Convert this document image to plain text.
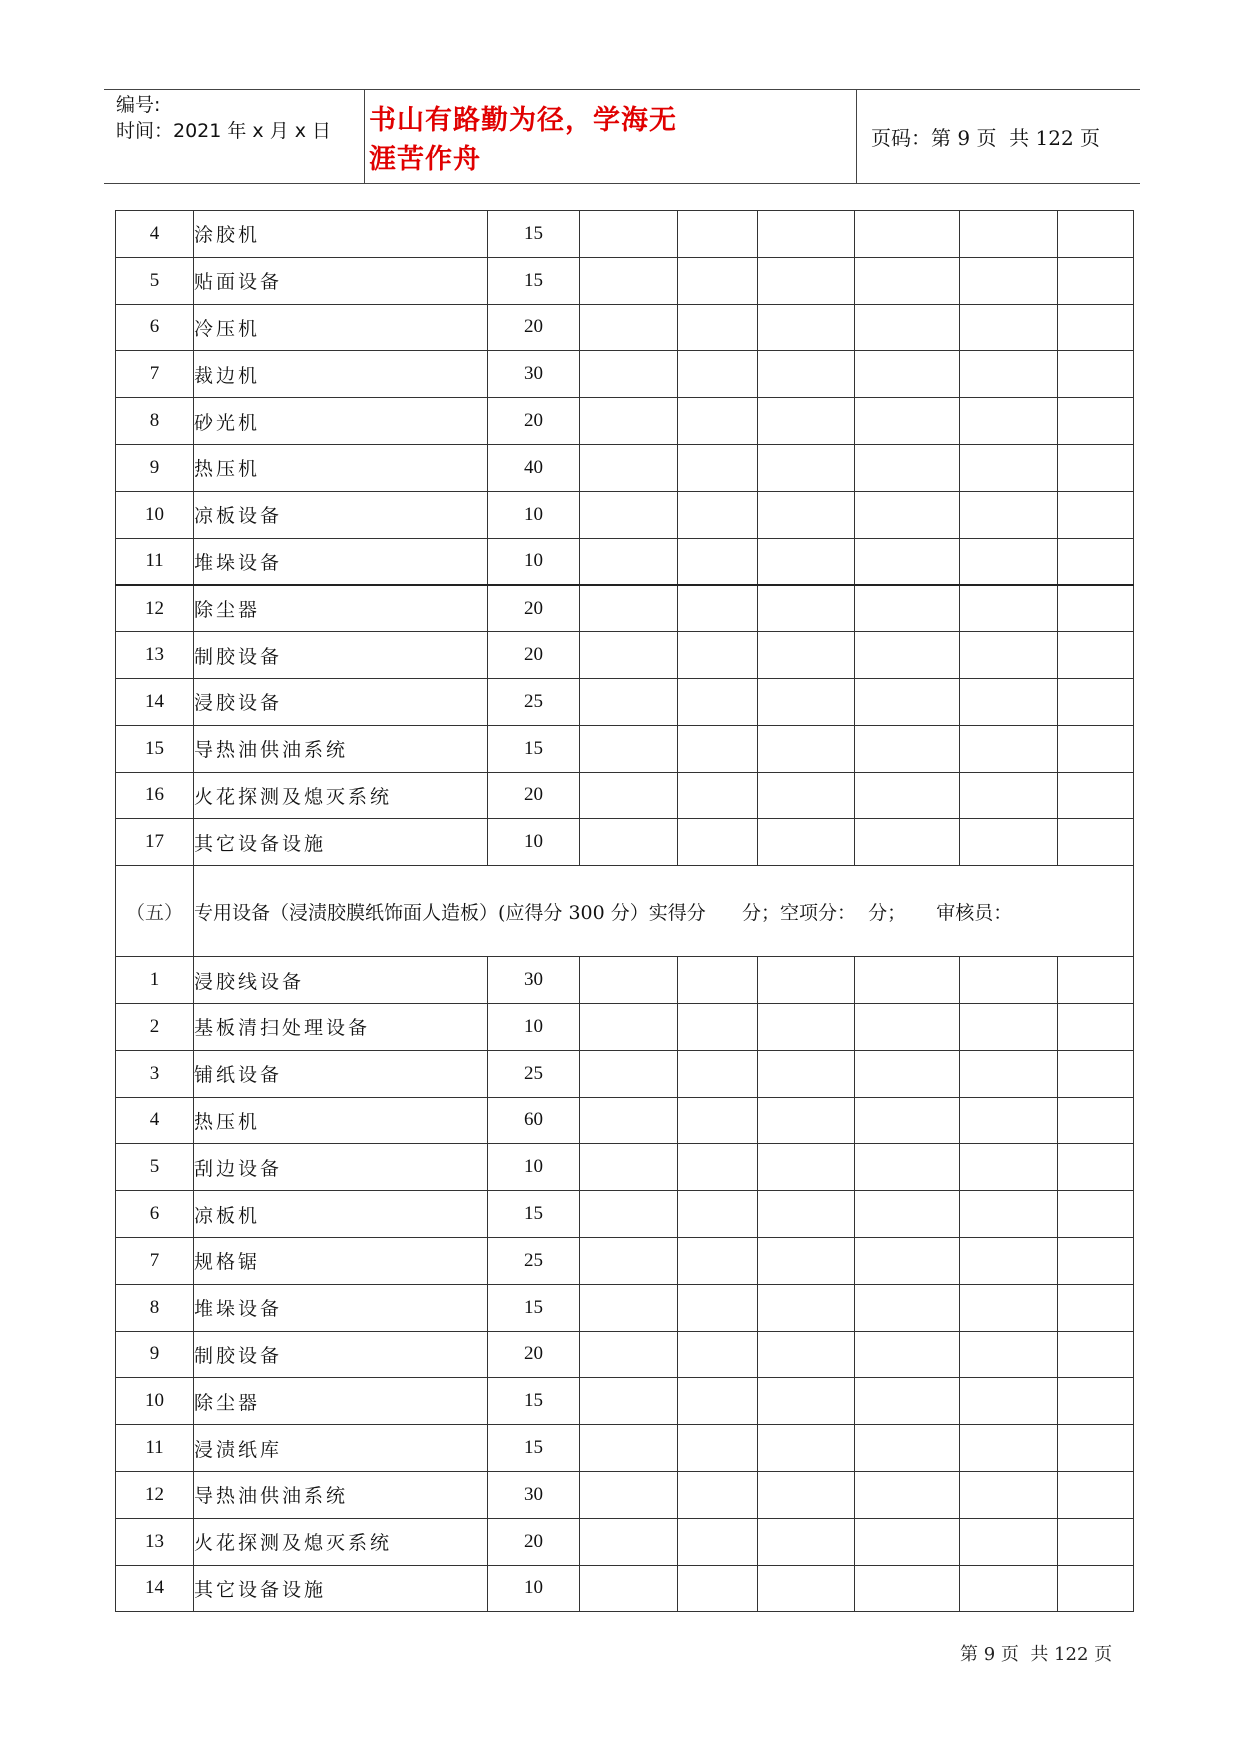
编号:
时间：2021 年 x 月 x 日	书山有路勤为径，学海无涯苦作舟
页码：第 9 页  共 122 页
4	涂胶机	15						
5	贴面设备	15						
6	冷压机	20						
7	裁边机	30						
8	砂光机	20						
9	热压机	40						
10	凉板设备	10						
11	堆垛设备	10						
12	除尘器	20						
13	制胶设备	20						
14	浸胶设备	25						
15	导热油供油系统	15						
16	火花探测及熄灭系统	20						
17	其它设备设施	10						
（五）	专用设备（浸渍胶膜纸饰面人造板）(应得分 300 分）实得分      分；空项分：  分；     审核员：							
1	浸胶线设备	30						
2	基板清扫处理设备	10						
3	铺纸设备	25						
4	热压机	60						
5	刮边设备	10						
6	凉板机	15						
7	规格锯	25						
8	堆垛设备	15						
9	制胶设备	20						
10	除尘器	15						
11	浸渍纸库	15						
12	导热油供油系统	30						
13	火花探测及熄灭系统	20						
14	其它设备设施	10						
第 9 页  共 122 页
